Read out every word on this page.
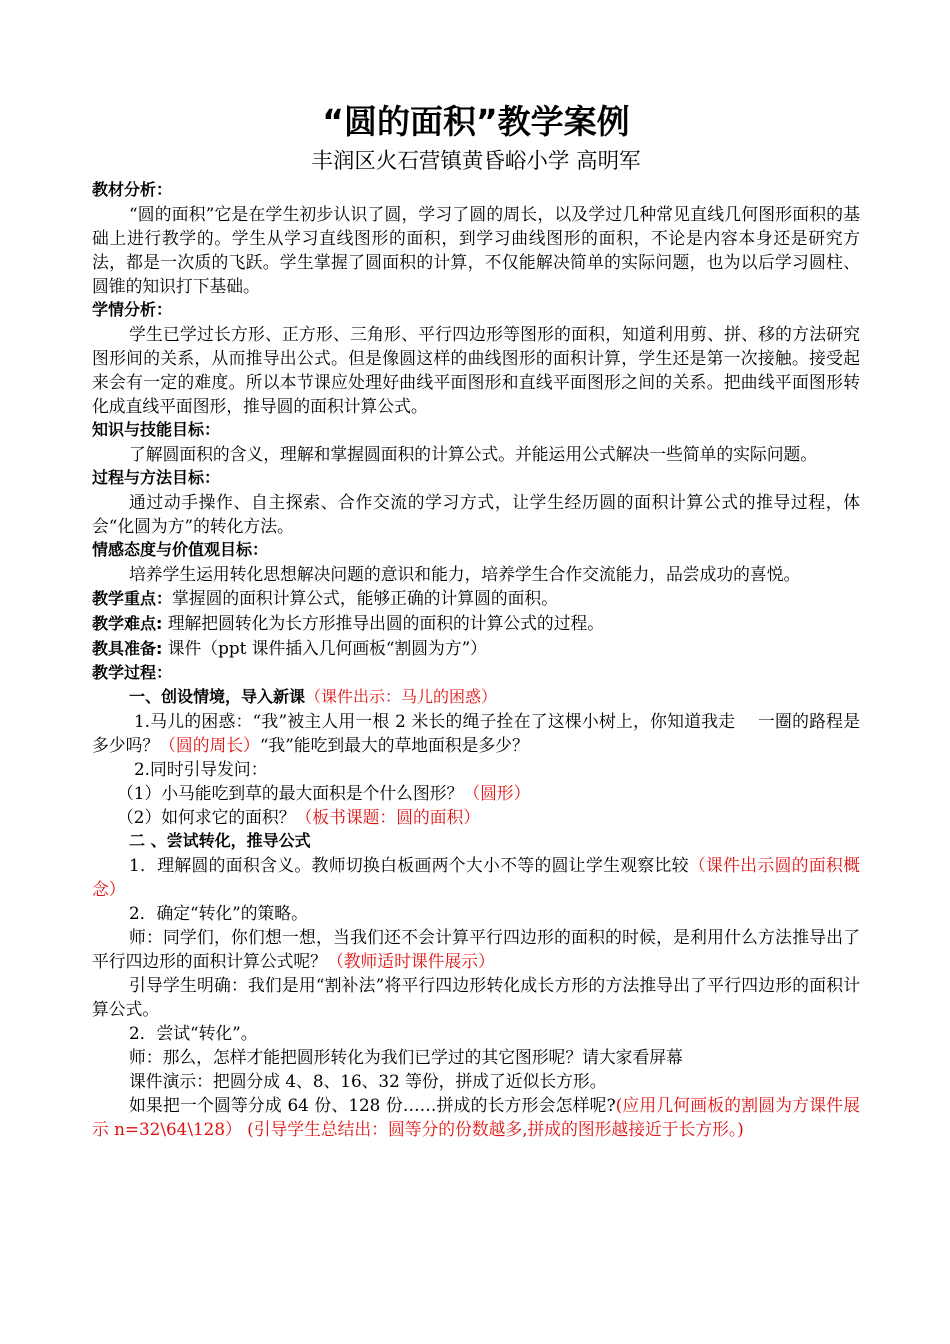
“圆的面积”教学案例

丰润区火石营镇黄昏峪小学 高明军

教材分析：

“圆的面积”它是在学生初步认识了圆，学习了圆的周长，以及学过几种常见直线几何图形面积的基础上进行教学的。学生从学习直线图形的面积，到学习曲线图形的面积，不论是内容本身还是研究方法，都是一次质的飞跃。学生掌握了圆面积的计算，不仅能解决简单的实际问题，也为以后学习圆柱、圆锥的知识打下基础。

学情分析：

学生已学过长方形、正方形、三角形、平行四边形等图形的面积，知道利用剪、拼、移的方法研究图形间的关系，从而推导出公式。但是像圆这样的曲线图形的面积计算，学生还是第一次接触。接受起来会有一定的难度。所以本节课应处理好曲线平面图形和直线平面图形之间的关系。把曲线平面图形转化成直线平面图形，推导圆的面积计算公式。

知识与技能目标：

了解圆面积的含义，理解和掌握圆面积的计算公式。并能运用公式解决一些简单的实际问题。

过程与方法目标：

通过动手操作、自主探索、合作交流的学习方式，让学生经历圆的面积计算公式的推导过程，体会“化圆为方”的转化方法。

情感态度与价值观目标：

培养学生运用转化思想解决问题的意识和能力，培养学生合作交流能力，品尝成功的喜悦。

教学重点：掌握圆的面积计算公式，能够正确的计算圆的面积。

教学难点: 理解把圆转化为长方形推导出圆的面积的计算公式的过程。

教具准备: 课件（ppt 课件插入几何画板“割圆为方”）

教学过程：

一、创设情境，导入新课（课件出示：马儿的困惑）

1.马儿的困惑：“我”被主人用一根 2 米长的绳子拴在了这棵小树上，你知道我走　 一圈的路程是多少吗？（圆的周长）“我”能吃到最大的草地面积是多少？

2.同时引导发问：

（1）小马能吃到草的最大面积是个什么图形？（圆形）

（2）如何求它的面积？（板书课题：圆的面积）

二 、尝试转化，推导公式

1．理解圆的面积含义。教师切换白板画两个大小不等的圆让学生观察比较（课件出示圆的面积概念）

2．确定“转化”的策略。

师：同学们，你们想一想，当我们还不会计算平行四边形的面积的时候，是利用什么方法推导出了平行四边形的面积计算公式呢？（教师适时课件展示）

引导学生明确：我们是用“割补法”将平行四边形转化成长方形的方法推导出了平行四边形的面积计算公式。

2．尝试“转化”。

师：那么，怎样才能把圆形转化为我们已学过的其它图形呢？请大家看屏幕

课件演示：把圆分成 4、8、16、32 等份，拼成了近似长方形。

如果把一个圆等分成 64 份、128 份……拼成的长方形会怎样呢?(应用几何画板的割圆为方课件展示 n=32\64\128） (引导学生总结出：圆等分的份数越多,拼成的图形越接近于长方形。)
